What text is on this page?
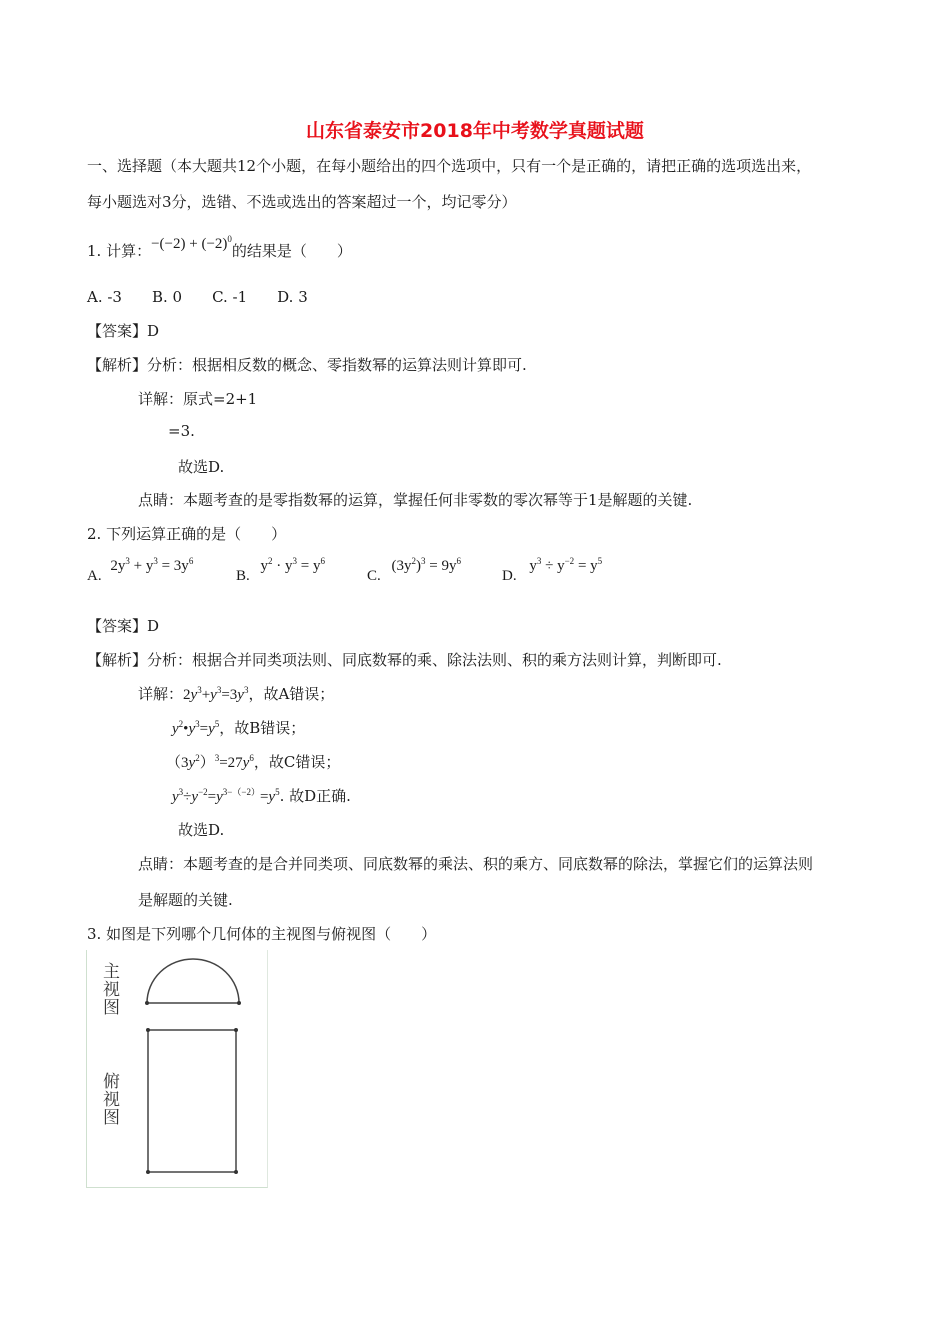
山东省泰安市2018年中考数学真题试题
一、选择题（本大题共12个小题，在每小题给出的四个选项中，只有一个是正确的，请把正确的选项选出来，
每小题选对3分，选错、不选或选出的答案超过一个，均记零分）
1. 计算：$-(-2) + (-2)^0$的结果是（　　）
A. -3　　B. 0　　C. -1　　D. 3
【答案】D
【解析】分析：根据相反数的概念、零指数幂的运算法则计算即可.
详解：原式=2+1
=3.
故选D.
点睛：本题考查的是零指数幂的运算，掌握任何非零数的零次幂等于1是解题的关键.
2. 下列运算正确的是（　　）
A. $2y^3 + y^3 = 3y^6$
B. $y^2 \cdot y^3 = y^6$
C. $(3y^2)^3 = 9y^6$
D. $y^3 \div y^{-2} = y^5$
【答案】D
【解析】分析：根据合并同类项法则、同底数幂的乘、除法法则、积的乘方法则计算，判断即可.
详解：$2y^3+y^3=3y^3$，故A错误；
$y^2•y^3=y^5$，故B错误；
$(3y^2)^3=27y^6$，故C错误；
$y^3\div y^{-2}=y^{3-(-2)}=y^5$. 故D正确.
故选D.
点睛：本题考查的是合并同类项、同底数幂的乘法、积的乘方、同底数幂的除法，掌握它们的运算法则
是解题的关键.
3. 如图是下列哪个几何体的主视图与俯视图（　　）
主视图
俯视图
